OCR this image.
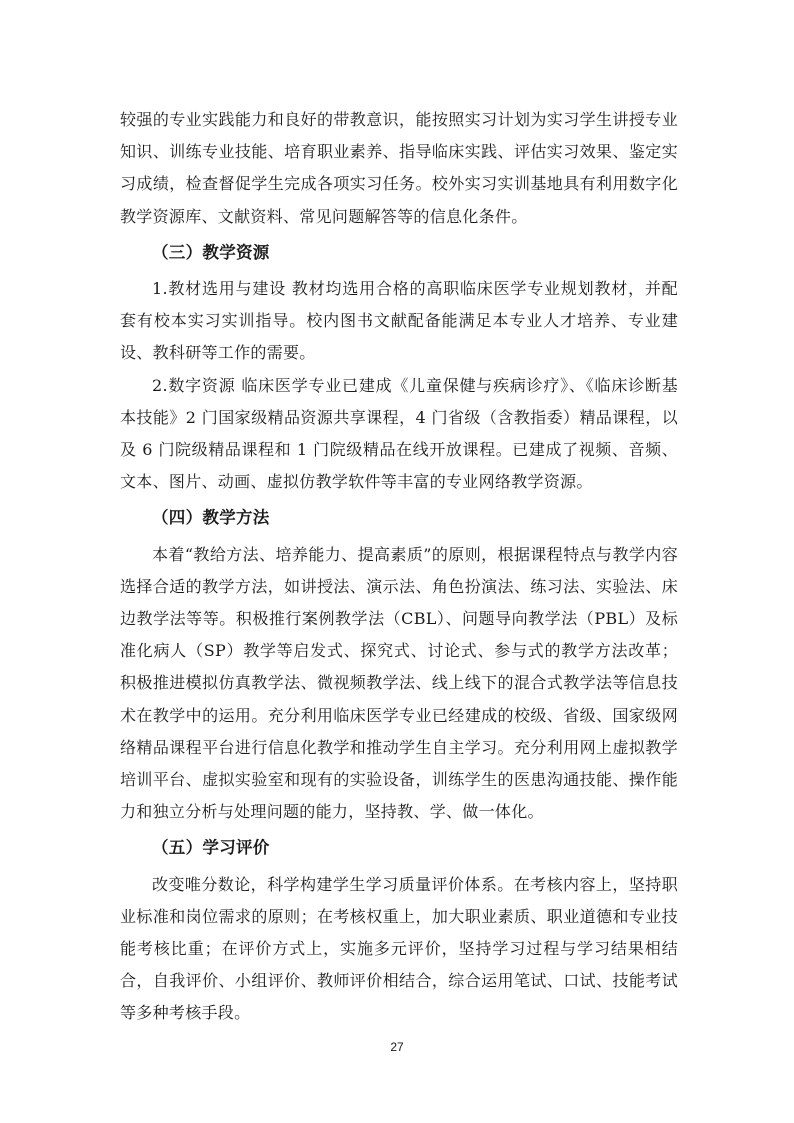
较强的专业实践能力和良好的带教意识，能按照实习计划为实习学生讲授专业知识、训练专业技能、培育职业素养、指导临床实践、评估实习效果、鉴定实习成绩，检查督促学生完成各项实习任务。校外实习实训基地具有利用数字化教学资源库、文献资料、常见问题解答等的信息化条件。

（三）教学资源

1.教材选用与建设 教材均选用合格的高职临床医学专业规划教材，并配套有校本实习实训指导。校内图书文献配备能满足本专业人才培养、专业建设、教科研等工作的需要。

2.数字资源 临床医学专业已建成《儿童保健与疾病诊疗》、《临床诊断基本技能》2 门国家级精品资源共享课程，4 门省级（含教指委）精品课程，以及 6 门院级精品课程和 1 门院级精品在线开放课程。已建成了视频、音频、文本、图片、动画、虚拟仿教学软件等丰富的专业网络教学资源。

（四）教学方法

本着“教给方法、培养能力、提高素质”的原则，根据课程特点与教学内容选择合适的教学方法，如讲授法、演示法、角色扮演法、练习法、实验法、床边教学法等等。积极推行案例教学法（CBL）、问题导向教学法（PBL）及标准化病人（SP）教学等启发式、探究式、讨论式、参与式的教学方法改革；积极推进模拟仿真教学法、微视频教学法、线上线下的混合式教学法等信息技术在教学中的运用。充分利用临床医学专业已经建成的校级、省级、国家级网络精品课程平台进行信息化教学和推动学生自主学习。充分利用网上虚拟教学培训平台、虚拟实验室和现有的实验设备，训练学生的医患沟通技能、操作能力和独立分析与处理问题的能力，坚持教、学、做一体化。

（五）学习评价

改变唯分数论，科学构建学生学习质量评价体系。在考核内容上，坚持职业标准和岗位需求的原则；在考核权重上，加大职业素质、职业道德和专业技能考核比重；在评价方式上，实施多元评价，坚持学习过程与学习结果相结合，自我评价、小组评价、教师评价相结合，综合运用笔试、口试、技能考试等多种考核手段。

27
